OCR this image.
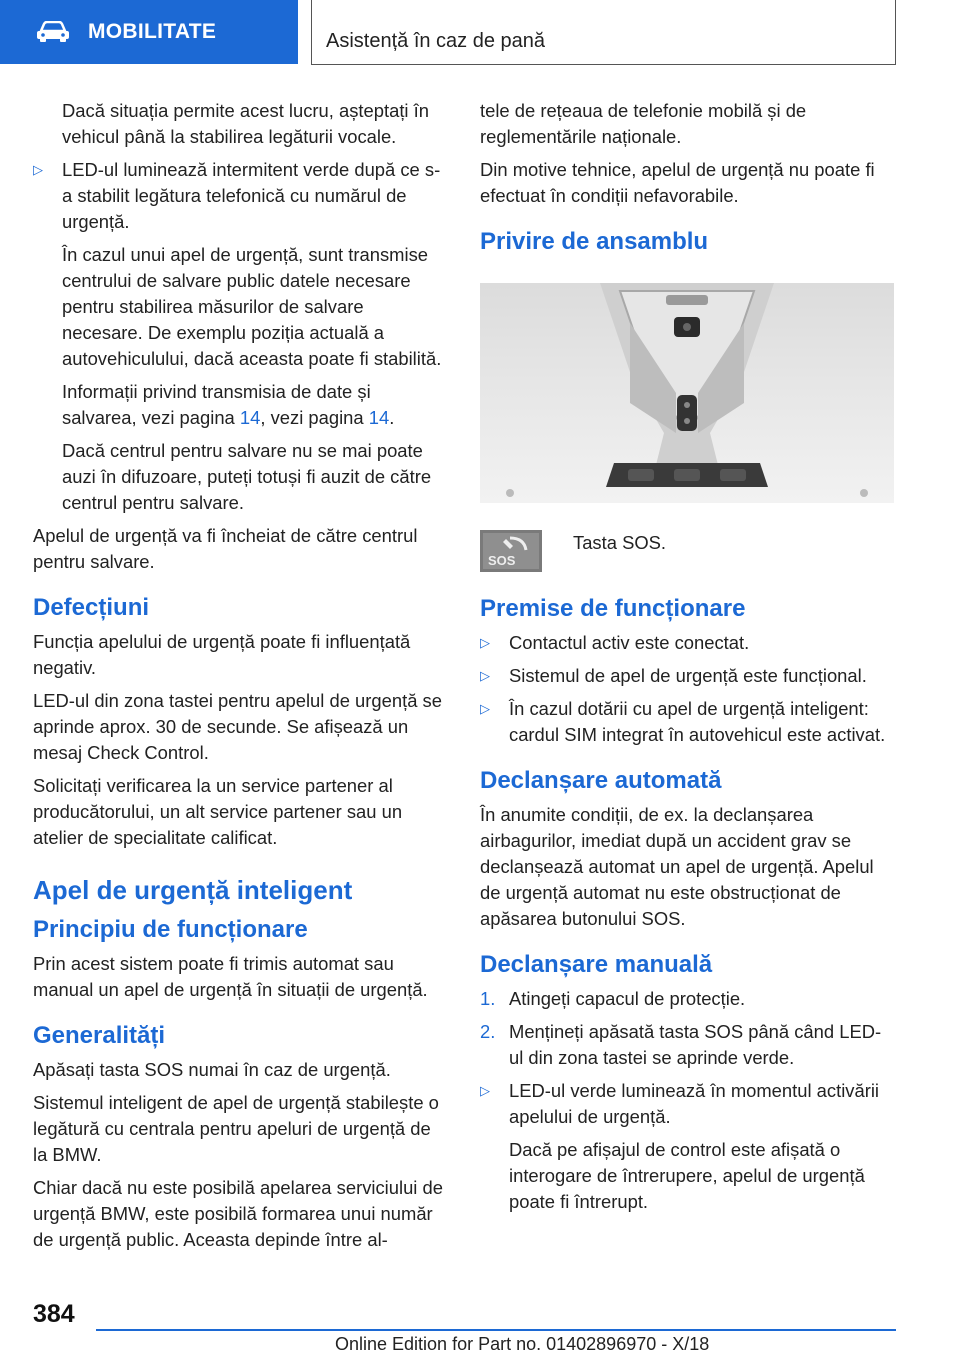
MOBILITATE	Asistență în caz de pană

Dacă situația permite acest lucru, așteptați în vehicul până la stabilirea legăturii vocale.

▷ LED-ul luminează intermitent verde după ce s-a stabilit legătura telefonică cu numărul de urgență.

În cazul unui apel de urgență, sunt transmise centrului de salvare public datele necesare pentru stabilirea măsurilor de salvare necesare. De exemplu poziția actuală a autovehiculului, dacă aceasta poate fi stabilită.

Informații privind transmisia de date și salvarea, vezi pagina 14, vezi pagina 14.

Dacă centrul pentru salvare nu se mai poate auzi în difuzoare, puteți totuși fi auzit de către centrul pentru salvare.

Apelul de urgență va fi încheiat de către centrul pentru salvare.

Defecțiuni

Funcția apelului de urgență poate fi influențată negativ.

LED-ul din zona tastei pentru apelul de urgență se aprinde aprox. 30 de secunde. Se afișează un mesaj Check Control.

Solicitați verificarea la un service partener al producătorului, un alt service partener sau un atelier de specialitate calificat.

Apel de urgență inteligent
Principiu de funcționare

Prin acest sistem poate fi trimis automat sau manual un apel de urgență în situații de urgență.

Generalități

Apăsați tasta SOS numai în caz de urgență.

Sistemul inteligent de apel de urgență stabilește o legătură cu centrala pentru apeluri de urgență de la BMW.

Chiar dacă nu este posibilă apelarea serviciului de urgență BMW, este posibilă formarea unui număr de urgență public. Aceasta depinde între al-

tele de rețeaua de telefonie mobilă și de reglementările naționale.

Din motive tehnice, apelul de urgență nu poate fi efectuat în condiții nefavorabile.

Privire de ansamblu
SOS
Tasta SOS.
Premise de funcționare
▷ Contactul activ este conectat.
▷ Sistemul de apel de urgență este funcțional.
▷ În cazul dotării cu apel de urgență inteligent: cardul SIM integrat în autovehicul este activat.
Declanșare automată

În anumite condiții, de ex. la declanșarea airbagurilor, imediat după un accident grav se declanșează automat un apel de urgență. Apelul de urgență automat nu este obstrucționat de apăsarea butonului SOS.

Declanșare manuală
1. Atingeți capacul de protecție.
2. Mențineți apăsată tasta SOS până când LED-ul din zona tastei se aprinde verde.
▷ LED-ul verde luminează în momentul activării apelului de urgență.

Dacă pe afișajul de control este afișată o interogare de întrerupere, apelul de urgență poate fi întrerupt.

384
Online Edition for Part no. 01402896970 - X/18
